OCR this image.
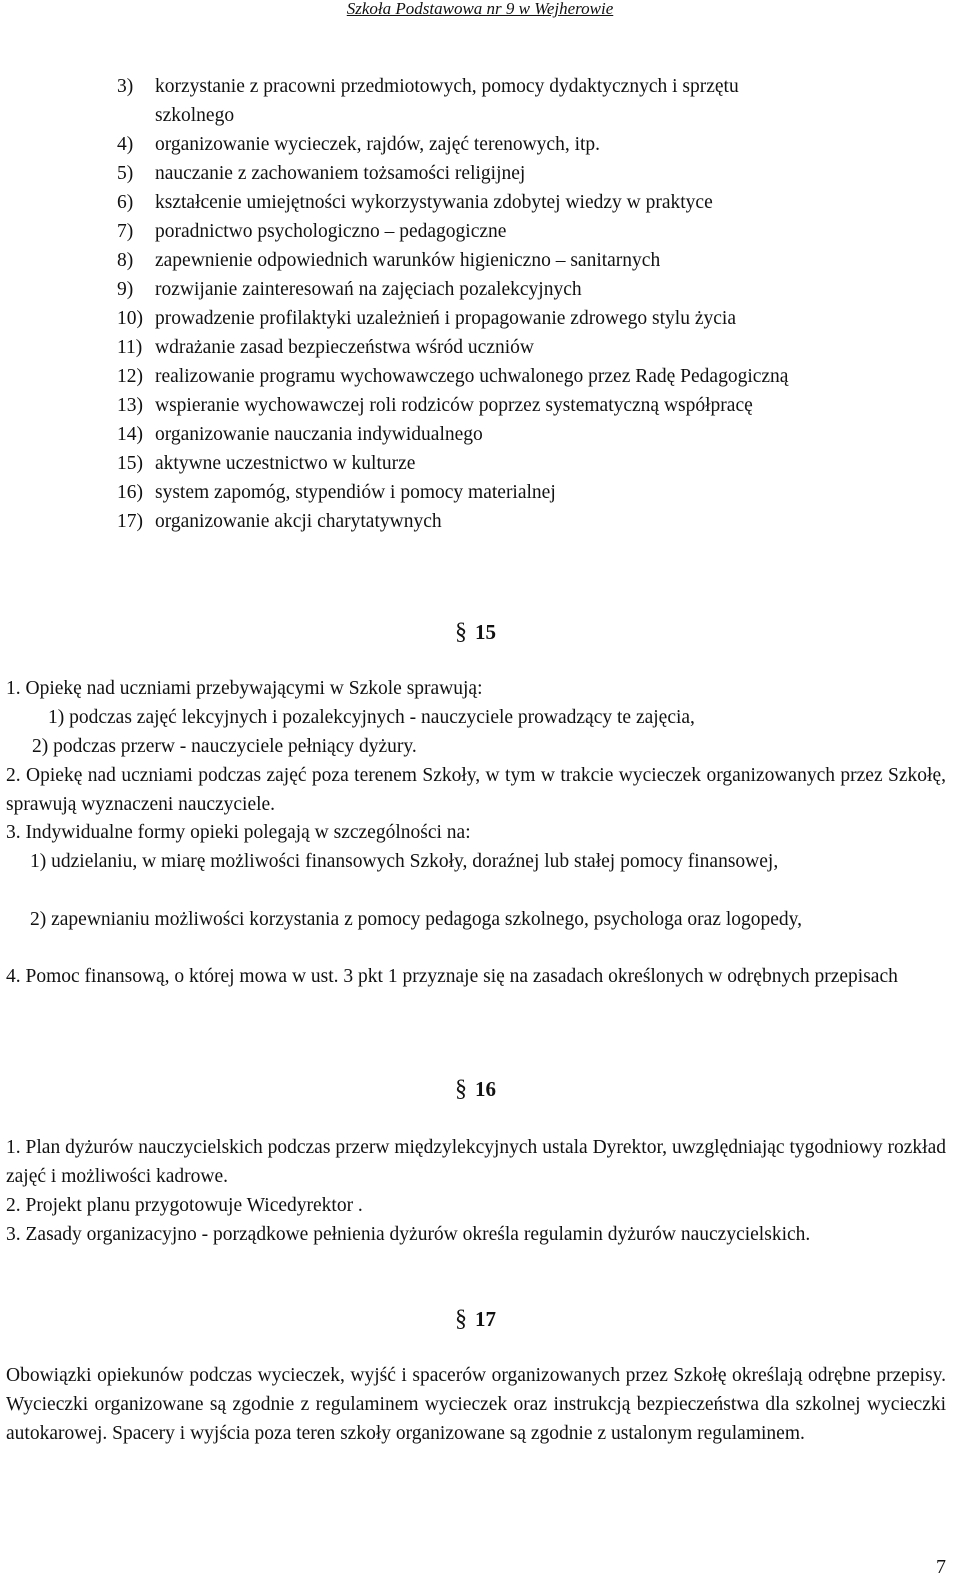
Szkoła Podstawowa nr 9 w Wejherowie
3) korzystanie z pracowni przedmiotowych, pomocy dydaktycznych i sprzętu szkolnego
4) organizowanie wycieczek, rajdów, zajęć terenowych, itp.
5) nauczanie z zachowaniem tożsamości religijnej
6) kształcenie umiejętności wykorzystywania zdobytej wiedzy w praktyce
7) poradnictwo psychologiczno – pedagogiczne
8) zapewnienie odpowiednich warunków higieniczno – sanitarnych
9) rozwijanie zainteresowań na zajęciach pozalekcyjnych
10) prowadzenie profilaktyki uzależnień i propagowanie zdrowego stylu życia
11) wdrażanie zasad bezpieczeństwa wśród uczniów
12) realizowanie programu wychowawczego uchwalonego przez Radę Pedagogiczną
13) wspieranie wychowawczej roli rodziców poprzez systematyczną współpracę
14) organizowanie nauczania indywidualnego
15) aktywne uczestnictwo w kulturze
16) system zapomóg, stypendiów i pomocy materialnej
17) organizowanie akcji charytatywnych
§ 15
1. Opiekę nad uczniami przebywającymi w Szkole sprawują:
1) podczas zajęć lekcyjnych i pozalekcyjnych - nauczyciele prowadzący te zajęcia,
2) podczas przerw - nauczyciele pełniący dyżury.
2. Opiekę nad uczniami podczas zajęć poza terenem Szkoły, w tym w trakcie wycieczek organizowanych przez Szkołę, sprawują wyznaczeni nauczyciele.
3. Indywidualne formy opieki polegają w szczególności na:
1) udzielaniu, w miarę możliwości finansowych Szkoły, doraźnej lub stałej pomocy finansowej,
2) zapewnianiu możliwości korzystania z pomocy pedagoga szkolnego, psychologa oraz logopedy,
4. Pomoc finansową, o której mowa w ust. 3 pkt 1 przyznaje się na zasadach określonych w odrębnych przepisach
§ 16
1. Plan dyżurów nauczycielskich podczas przerw międzylekcyjnych ustala Dyrektor, uwzględniając tygodniowy rozkład zajęć i możliwości kadrowe.
2. Projekt planu przygotowuje Wicedyrektor .
3. Zasady organizacyjno - porządkowe pełnienia dyżurów określa regulamin dyżurów nauczycielskich.
§ 17
Obowiązki opiekunów podczas wycieczek, wyjść i spacerów organizowanych przez Szkołę określają odrębne przepisy. Wycieczki organizowane są zgodnie z regulaminem wycieczek oraz instrukcją bezpieczeństwa dla szkolnej wycieczki autokarowej. Spacery i wyjścia poza teren szkoły organizowane są zgodnie z ustalonym regulaminem.
7
